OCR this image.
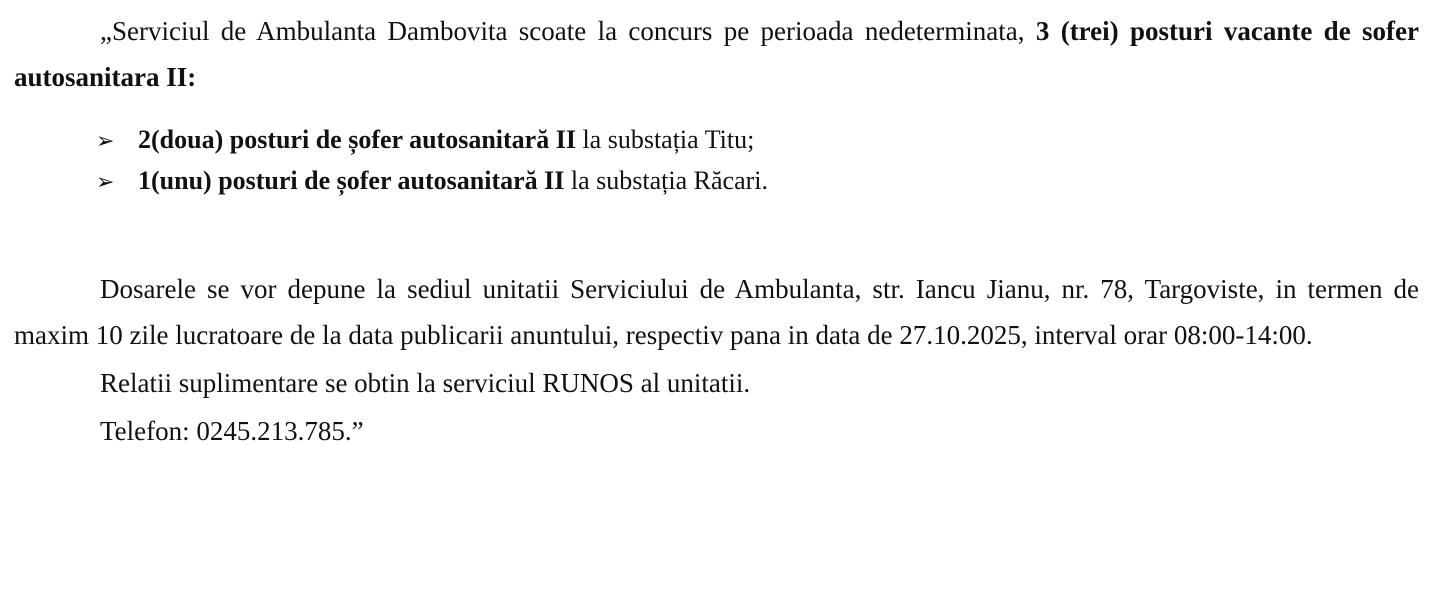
„Serviciul de Ambulanta Dambovita scoate la concurs pe perioada nedeterminata, 3 (trei) posturi vacante de sofer autosanitara II:

➢ 2(doua) posturi de șofer autosanitară II la substația Titu;
➢ 1(unu) posturi de șofer autosanitară II la substația Răcari.

Dosarele se vor depune la sediul unitatii Serviciului de Ambulanta, str. Iancu Jianu, nr. 78, Targoviste, in termen de maxim 10 zile lucratoare de la data publicarii anuntului, respectiv pana in data de 27.10.2025, interval orar 08:00-14:00.

Relatii suplimentare se obtin la serviciul RUNOS al unitatii.

Telefon: 0245.213.785.”
